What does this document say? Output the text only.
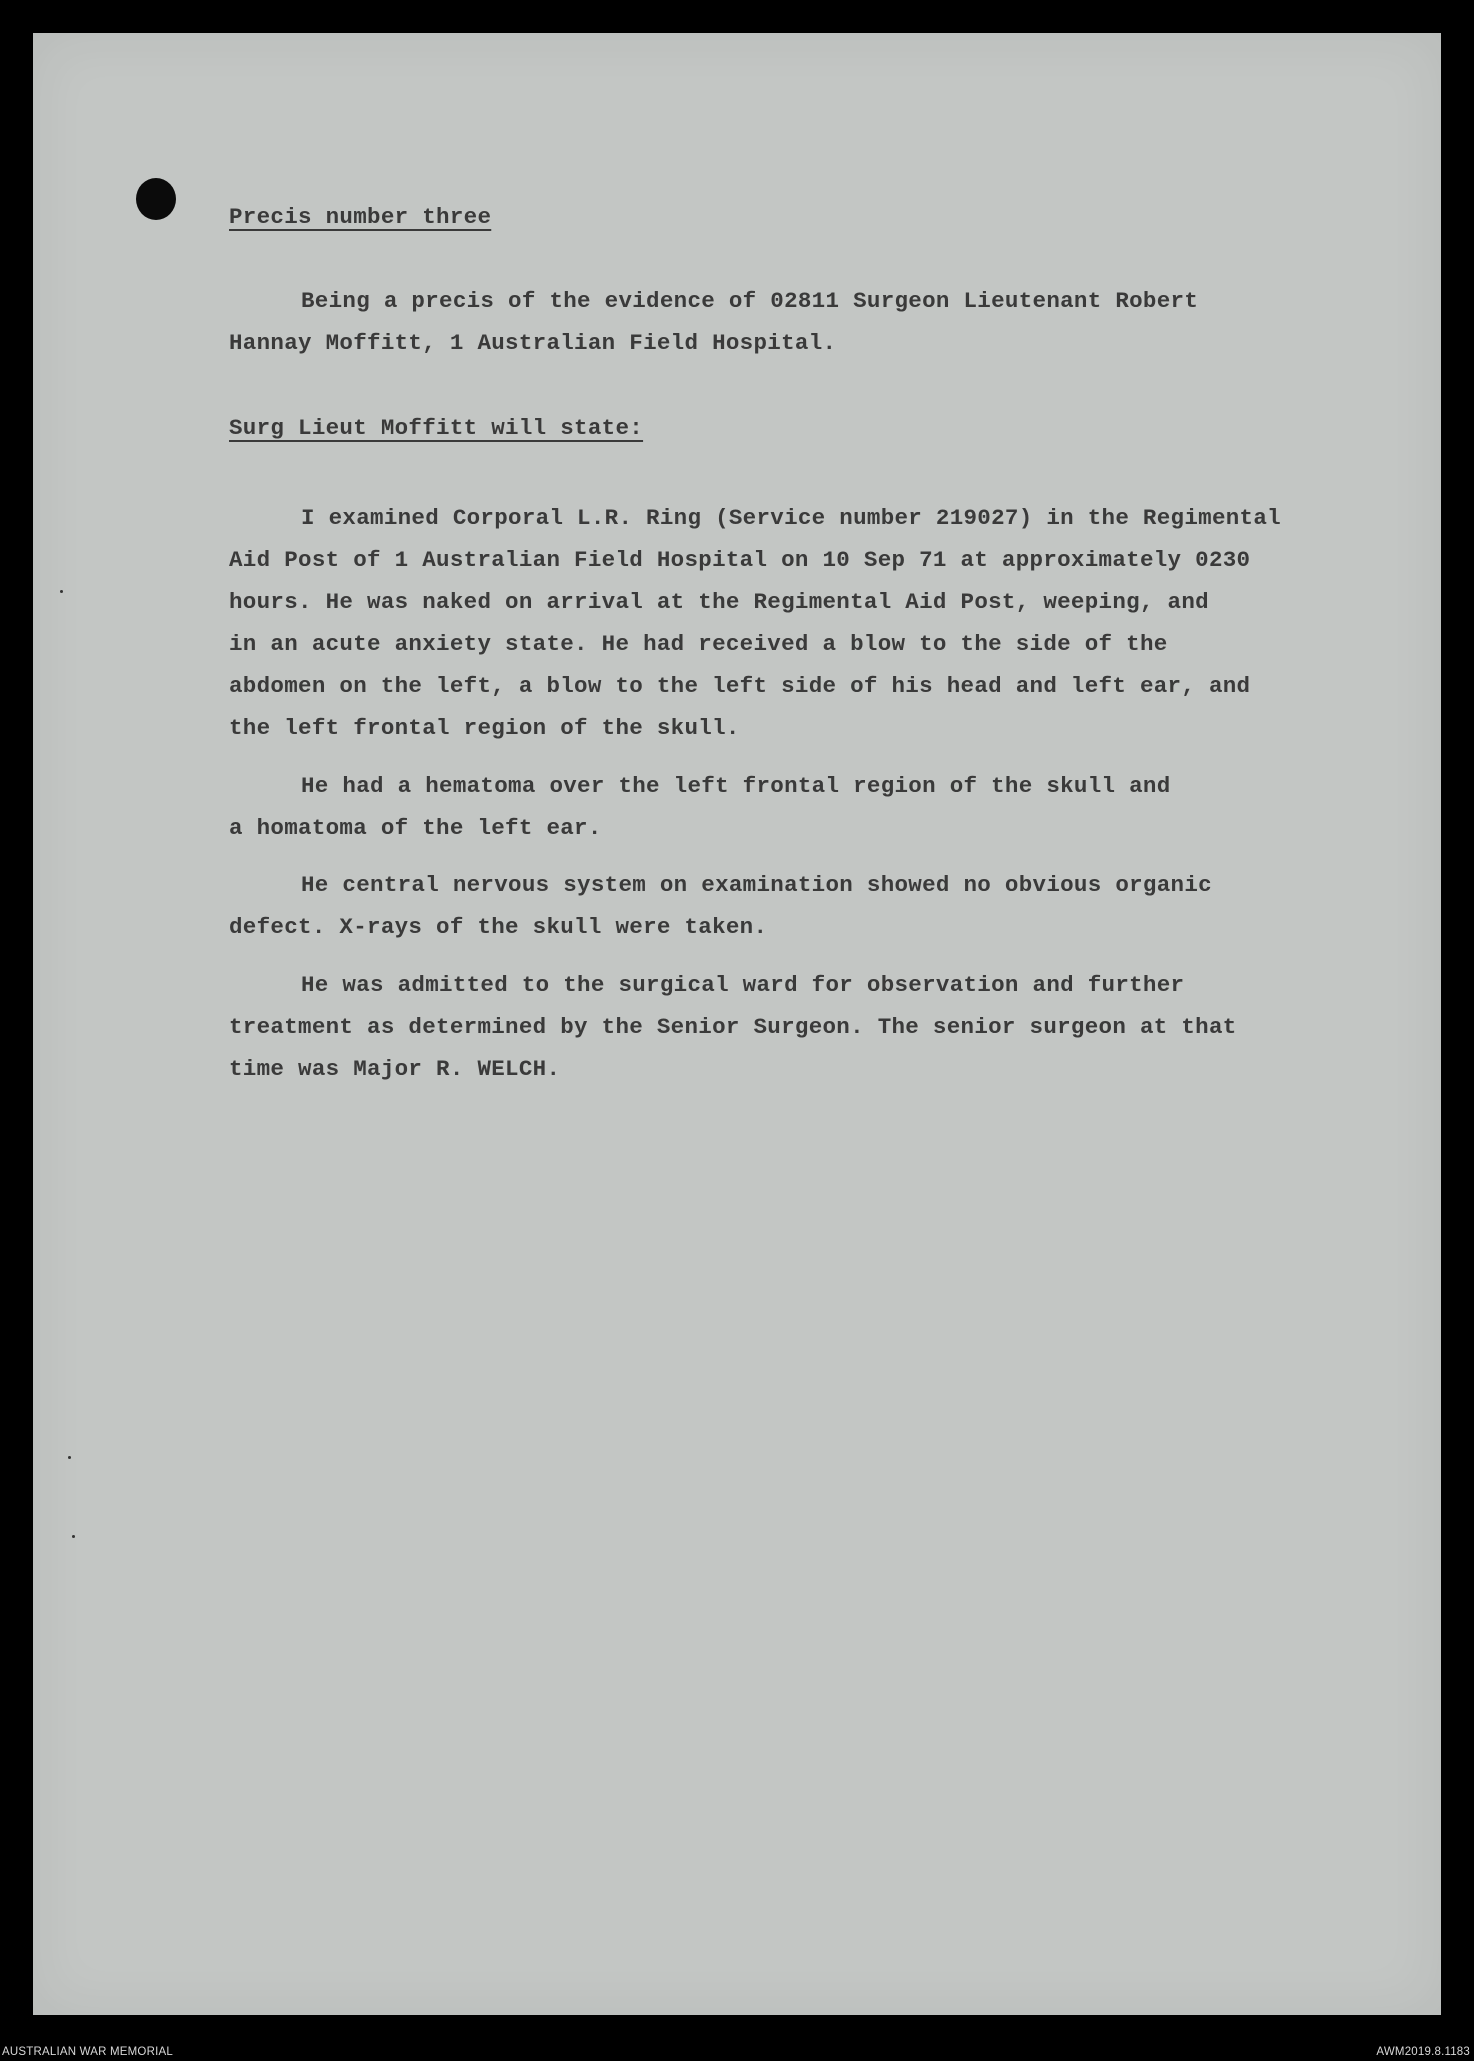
Precis number three
Being a precis of the evidence of 02811 Surgeon Lieutenant Robert
Hannay Moffitt, 1 Australian Field Hospital.
Surg Lieut Moffitt will state:
I examined Corporal L.R. Ring (Service number 219027) in the Regimental
Aid Post of 1 Australian Field Hospital on 10 Sep 71 at approximately 0230
hours. He was naked on arrival at the Regimental Aid Post, weeping, and
in an acute anxiety state. He had received a blow to the side of the
abdomen on the left, a blow to the left side of his head and left ear, and
the left frontal region of the skull.
He had a hematoma over the left frontal region of the skull and
a homatoma of the left ear.
He central nervous system on examination showed no obvious organic
defect. X-rays of the skull were taken.
He was admitted to the surgical ward for observation and further
treatment as determined by the Senior Surgeon. The senior surgeon at that
time was Major R. WELCH.
AUSTRALIAN WAR MEMORIAL	AWM2019.8.1183
